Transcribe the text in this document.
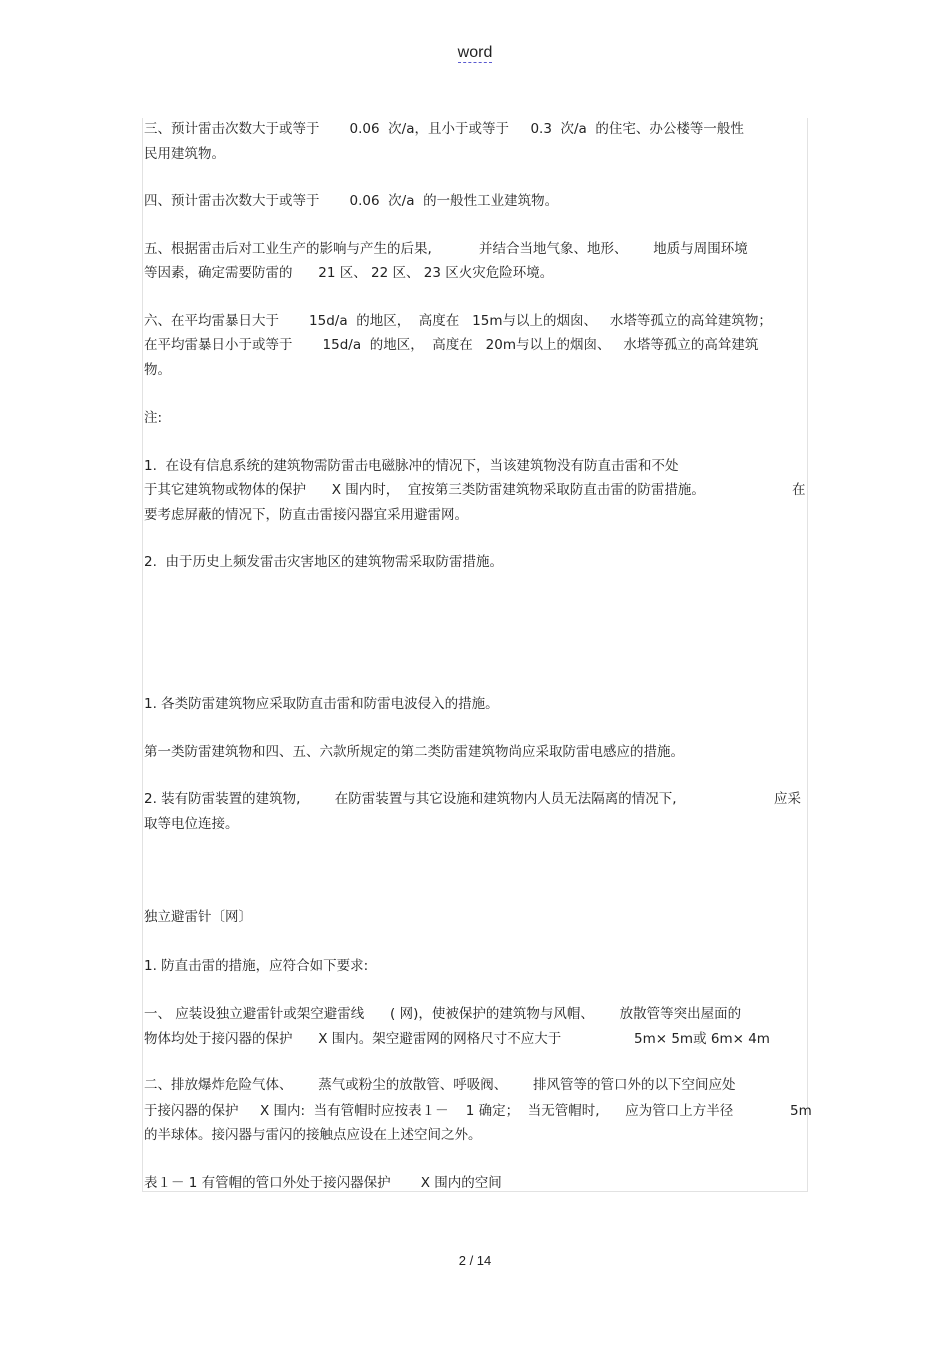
word
三、预计雷击次数大于或等于       0.06  次/a，且小于或等于     0.3  次/a  的住宅、办公楼等一般性
民用建筑物。
四、预计雷击次数大于或等于       0.06  次/a  的一般性工业建筑物。
五、根据雷击后对工业生产的影响与产生的后果,           并结合当地气象、地形、      地质与周围环境
等因素，确定需要防雷的      21 区、 22 区、 23 区火灾危险环境。
六、在平均雷暴日大于       15d/a  的地区，  高度在   15m与以上的烟囱、   水塔等孤立的高耸建筑物；
在平均雷暴日小于或等于       15d/a  的地区，  高度在   20m与以上的烟囱、   水塔等孤立的高耸建筑
物。
注:
1.  在设有信息系统的建筑物需防雷击电磁脉冲的情况下，当该建筑物没有防直击雷和不处
于其它建筑物或物体的保护      X 围内时，  宜按第三类防雷建筑物采取防直击雷的防雷措施。	在
要考虑屏蔽的情况下，防直击雷接闪器宜采用避雷网。
2.  由于历史上频发雷击灾害地区的建筑物需采取防雷措施。
1. 各类防雷建筑物应采取防直击雷和防雷电波侵入的措施。
第一类防雷建筑物和四、五、六款所规定的第二类防雷建筑物尚应采取防雷电感应的措施。
2. 装有防雷装置的建筑物,        在防雷装置与其它设施和建筑物内人员无法隔离的情况下,	应采
取等电位连接。
独立避雷针〔网〕
1. 防直击雷的措施，应符合如下要求:
一、 应装设独立避雷针或架空避雷线      ( 网)，使被保护的建筑物与风帽、      放散管等突出屋面的
物体均处于接闪器的保护      X 围内。架空避雷网的网格尺寸不应大于	5m× 5m或 6m× 4m
二、排放爆炸危险气体、      蒸气或粉尘的放散管、呼吸阀、      排风管等的管口外的以下空间应处
于接闪器的保护     X 围内:  当有管帽时应按表１－    1 确定；  当无管帽时,      应为管口上方半径	5m
的半球体。接闪器与雷闪的接触点应设在上述空间之外。
表１－ 1 有管帽的管口外处于接闪器保护       X 围内的空间
2 / 14
